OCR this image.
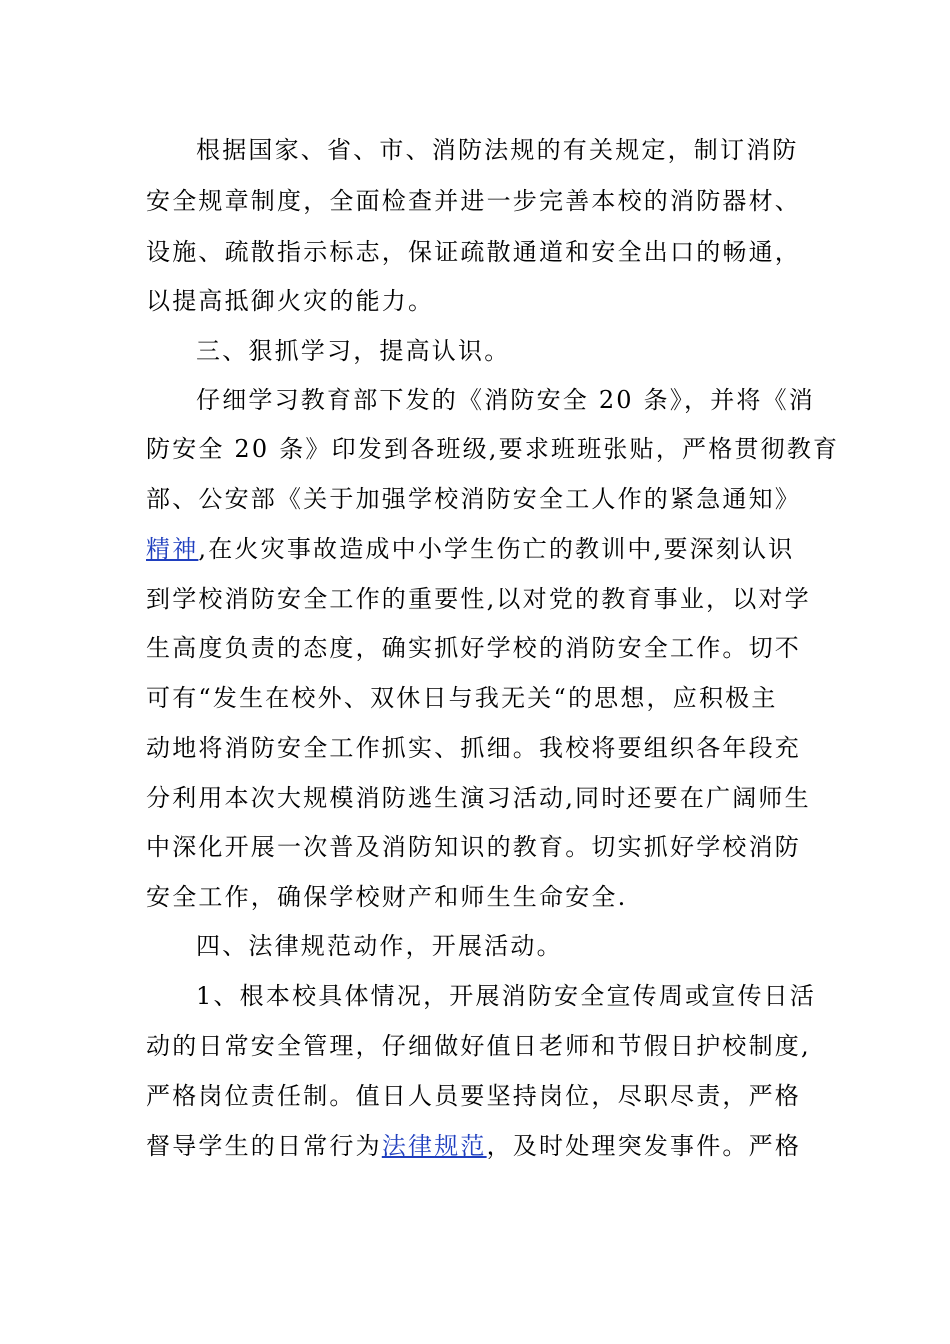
根据国家、省、市、消防法规的有关规定，制订消防
安全规章制度，全面检查并进一步完善本校的消防器材、
设施、疏散指示标志，保证疏散通道和安全出口的畅通，
以提高抵御火灾的能力。
三、狠抓学习，提高认识。
仔细学习教育部下发的《消防安全 20 条》，并将《消
防安全 20 条》印发到各班级,要求班班张贴，严格贯彻教育
部、公安部《关于加强学校消防安全工人作的紧急通知》
精神,在火灾事故造成中小学生伤亡的教训中,要深刻认识
到学校消防安全工作的重要性,以对党的教育事业，以对学
生高度负责的态度，确实抓好学校的消防安全工作。切不
可有“发生在校外、双休日与我无关“的思想，应积极主
动地将消防安全工作抓实、抓细。我校将要组织各年段充
分利用本次大规模消防逃生演习活动,同时还要在广阔师生
中深化开展一次普及消防知识的教育。切实抓好学校消防
安全工作，确保学校财产和师生生命安全.
四、法律规范动作，开展活动。
1、根本校具体情况，开展消防安全宣传周或宣传日活
动的日常安全管理，仔细做好值日老师和节假日护校制度,
严格岗位责任制。值日人员要坚持岗位，尽职尽责，严格
督导学生的日常行为法律规范，及时处理突发事件。严格
